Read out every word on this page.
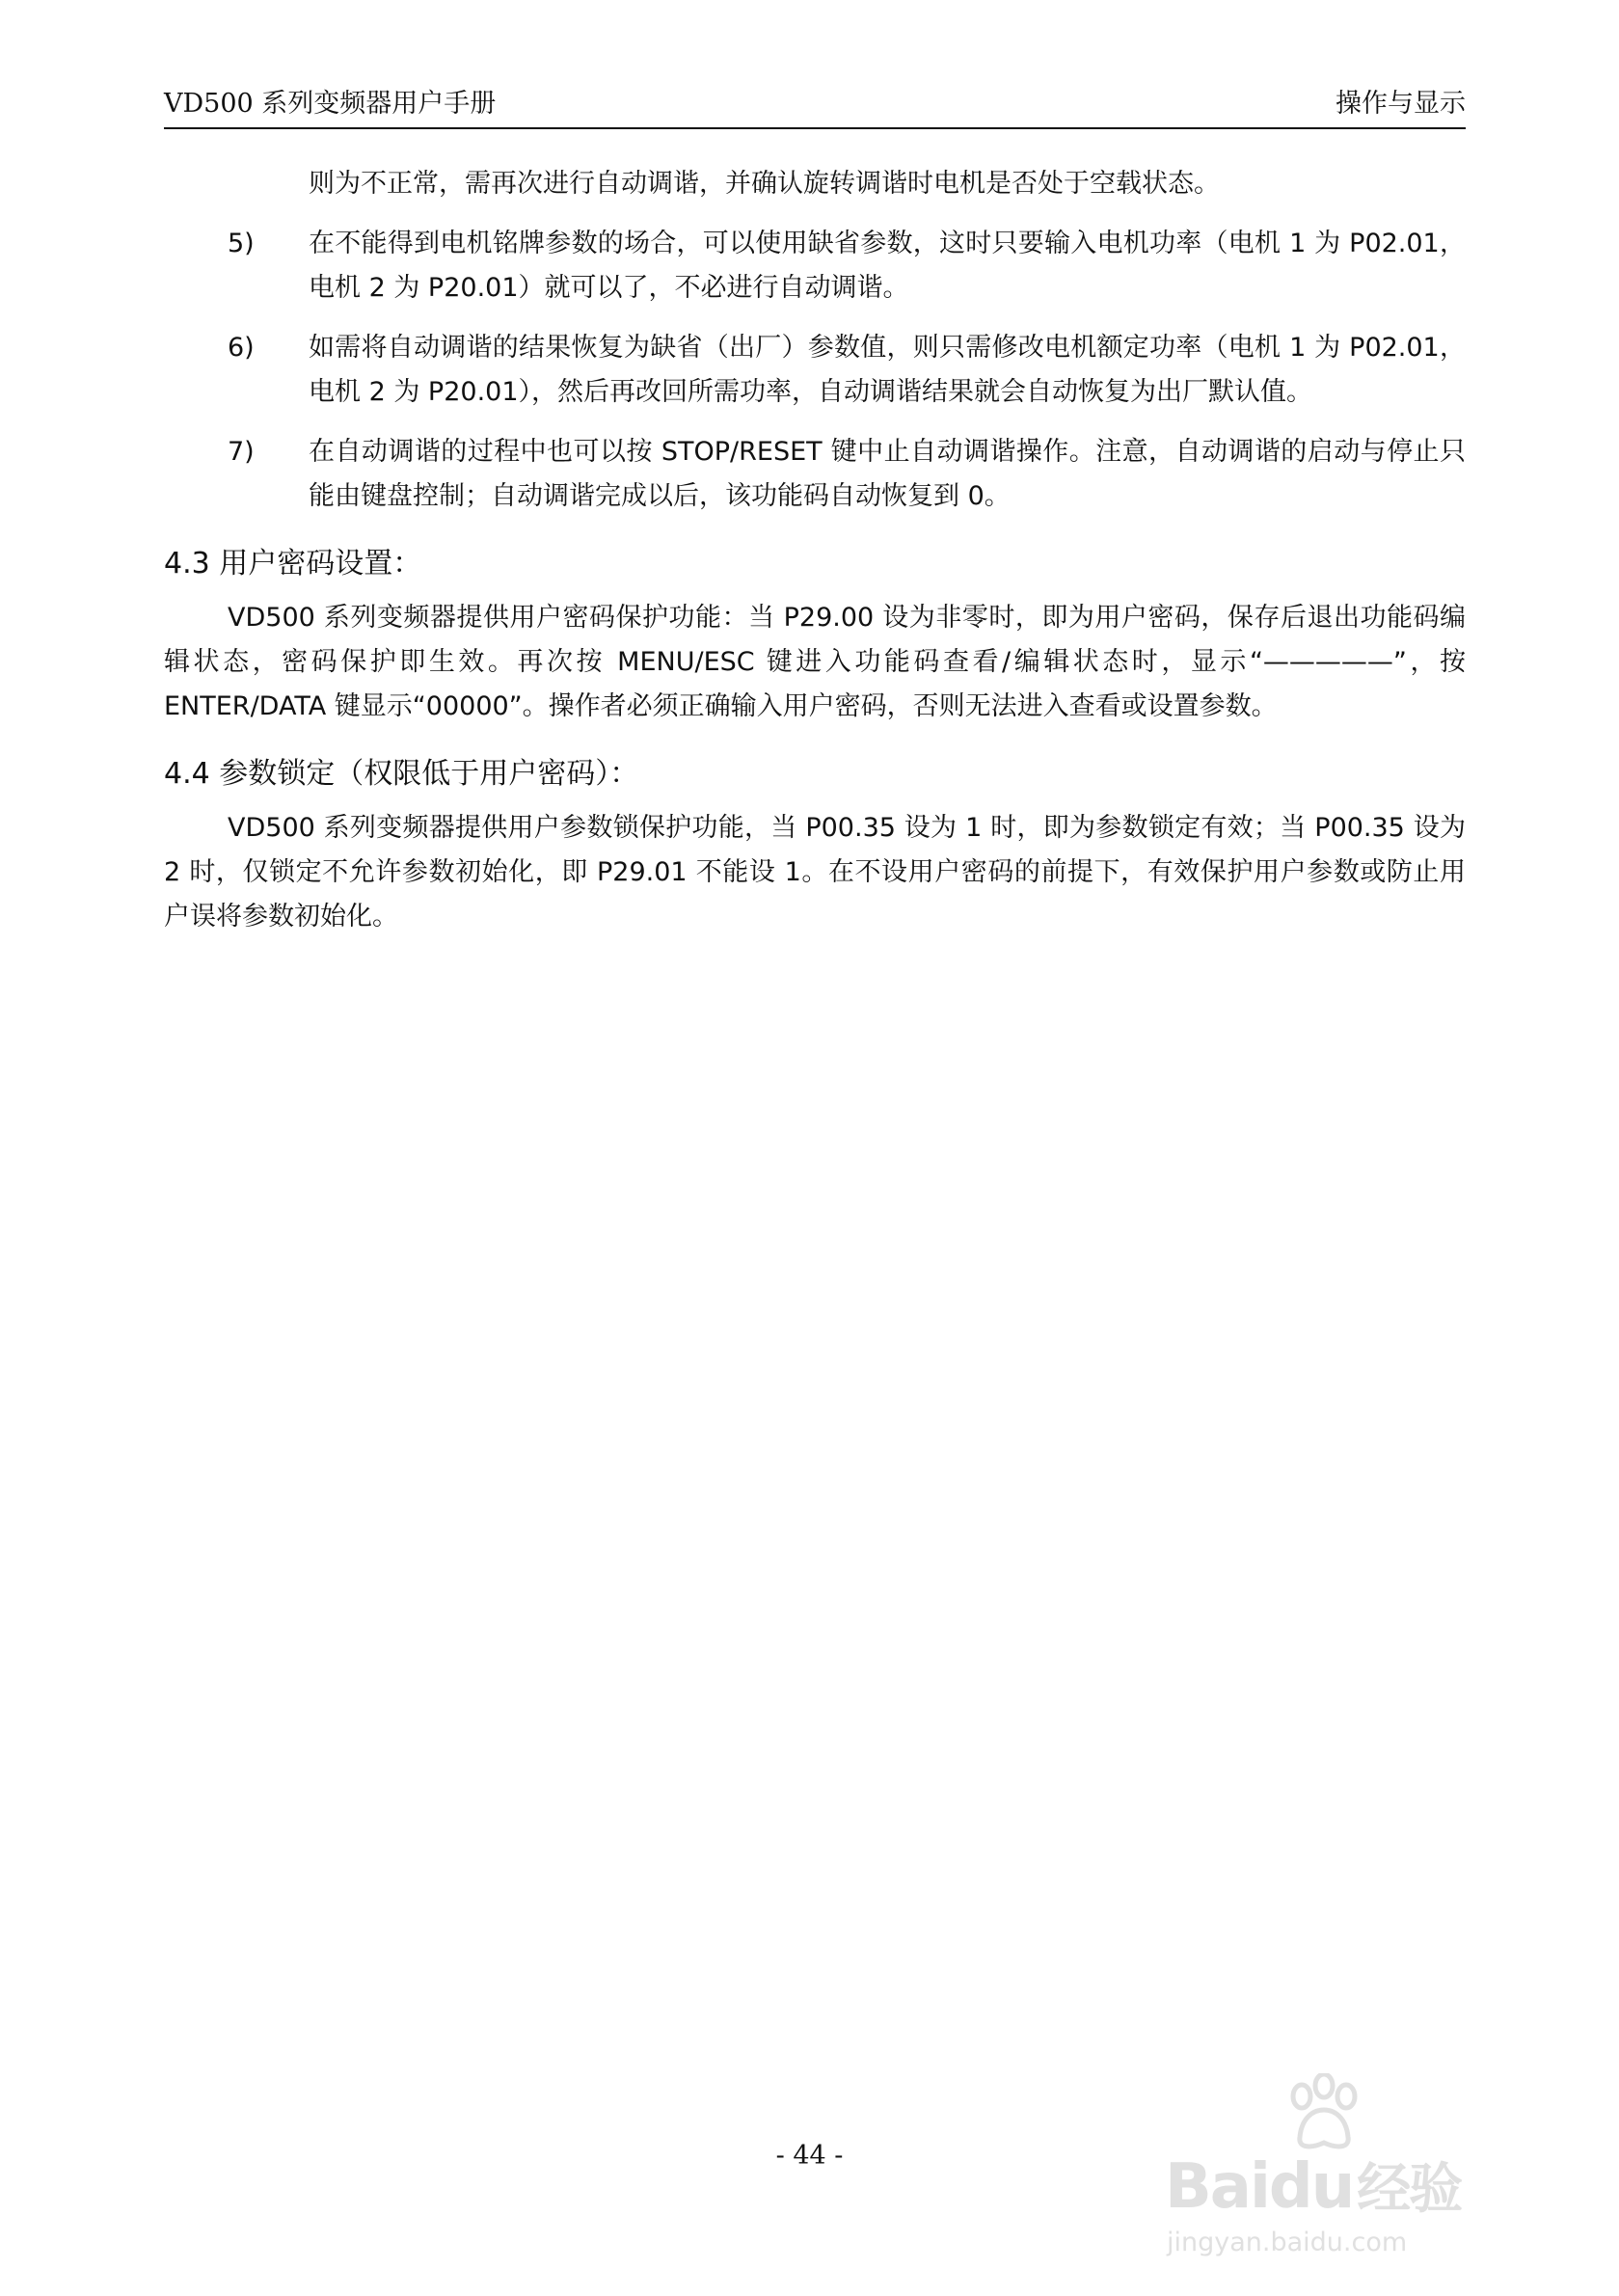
VD500 系列变频器用户手册	操作与显示
则为不正常，需再次进行自动调谐，并确认旋转调谐时电机是否处于空载状态。
5) 在不能得到电机铭牌参数的场合，可以使用缺省参数，这时只要输入电机功率（电机 1 为 P02.01，电机 2 为 P20.01）就可以了，不必进行自动调谐。
6) 如需将自动调谐的结果恢复为缺省（出厂）参数值，则只需修改电机额定功率（电机 1 为 P02.01，电机 2 为 P20.01），然后再改回所需功率，自动调谐结果就会自动恢复为出厂默认值。
7) 在自动调谐的过程中也可以按 STOP/RESET 键中止自动调谐操作。注意，自动调谐的启动与停止只能由键盘控制；自动调谐完成以后，该功能码自动恢复到 0。
4.3 用户密码设置：
VD500 系列变频器提供用户密码保护功能：当 P29.00 设为非零时，即为用户密码，保存后退出功能码编辑状态，密码保护即生效。再次按 MENU/ESC 键进入功能码查看/编辑状态时，显示“—————”，按 ENTER/DATA 键显示“00000”。操作者必须正确输入用户密码，否则无法进入查看或设置参数。
4.4 参数锁定（权限低于用户密码）：
VD500 系列变频器提供用户参数锁保护功能，当 P00.35 设为 1 时，即为参数锁定有效；当 P00.35 设为 2 时，仅锁定不允许参数初始化，即 P29.01 不能设 1。在不设用户密码的前提下，有效保护用户参数或防止用户误将参数初始化。
- 44 -	Baidu经验
jingyan.baidu.com
